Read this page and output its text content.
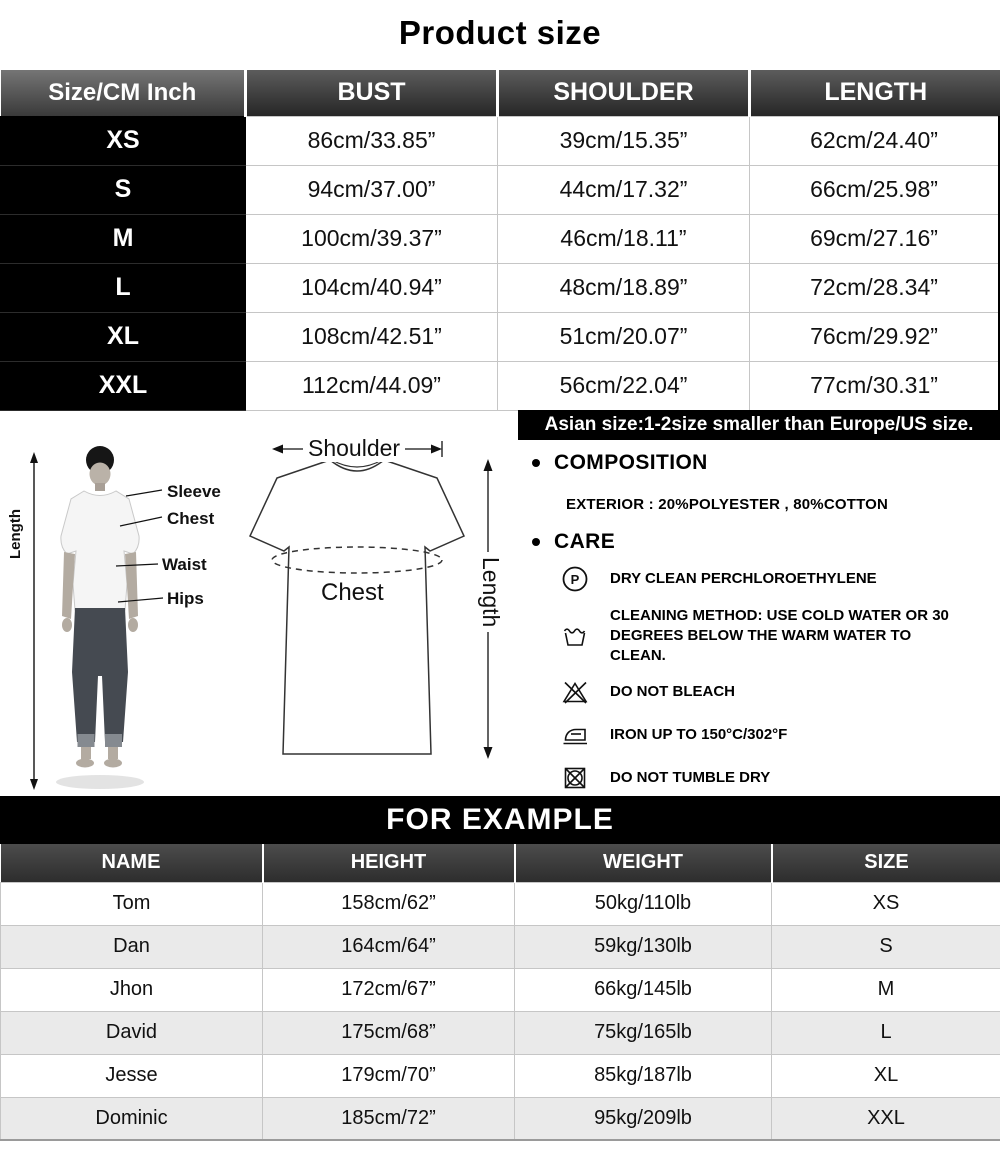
Product size
Size/CM Inch	BUST	SHOULDER	LENGTH
XS	86cm/33.85”	39cm/15.35”	62cm/24.40”
S	94cm/37.00”	44cm/17.32”	66cm/25.98”
M	100cm/39.37”	46cm/18.11”	69cm/27.16”
L	104cm/40.94”	48cm/18.89”	72cm/28.34”
XL	108cm/42.51”	51cm/20.07”	76cm/29.92”
XXL	112cm/44.09”	56cm/22.04”	77cm/30.31”
Asian size:1-2size smaller than Europe/US size.
Length
Shoulder
Chest	Length
Sleeve
Chest
Waist
Hips
COMPOSITION
EXTERIOR : 20%POLYESTER , 80%COTTON
CARE
P DRY CLEAN PERCHLOROETHYLENE
CLEANING METHOD: USE COLD WATER OR 30 DEGREES BELOW THE WARM WATER TO CLEAN.
DO NOT BLEACH
IRON UP TO 150°C/302°F
DO NOT TUMBLE DRY
FOR EXAMPLE
NAME	HEIGHT	WEIGHT	SIZE
Tom	158cm/62”	50kg/110lb	XS
Dan	164cm/64”	59kg/130lb	S
Jhon	172cm/67”	66kg/145lb	M
David	175cm/68”	75kg/165lb	L
Jesse	179cm/70”	85kg/187lb	XL
Dominic	185cm/72”	95kg/209lb	XXL
